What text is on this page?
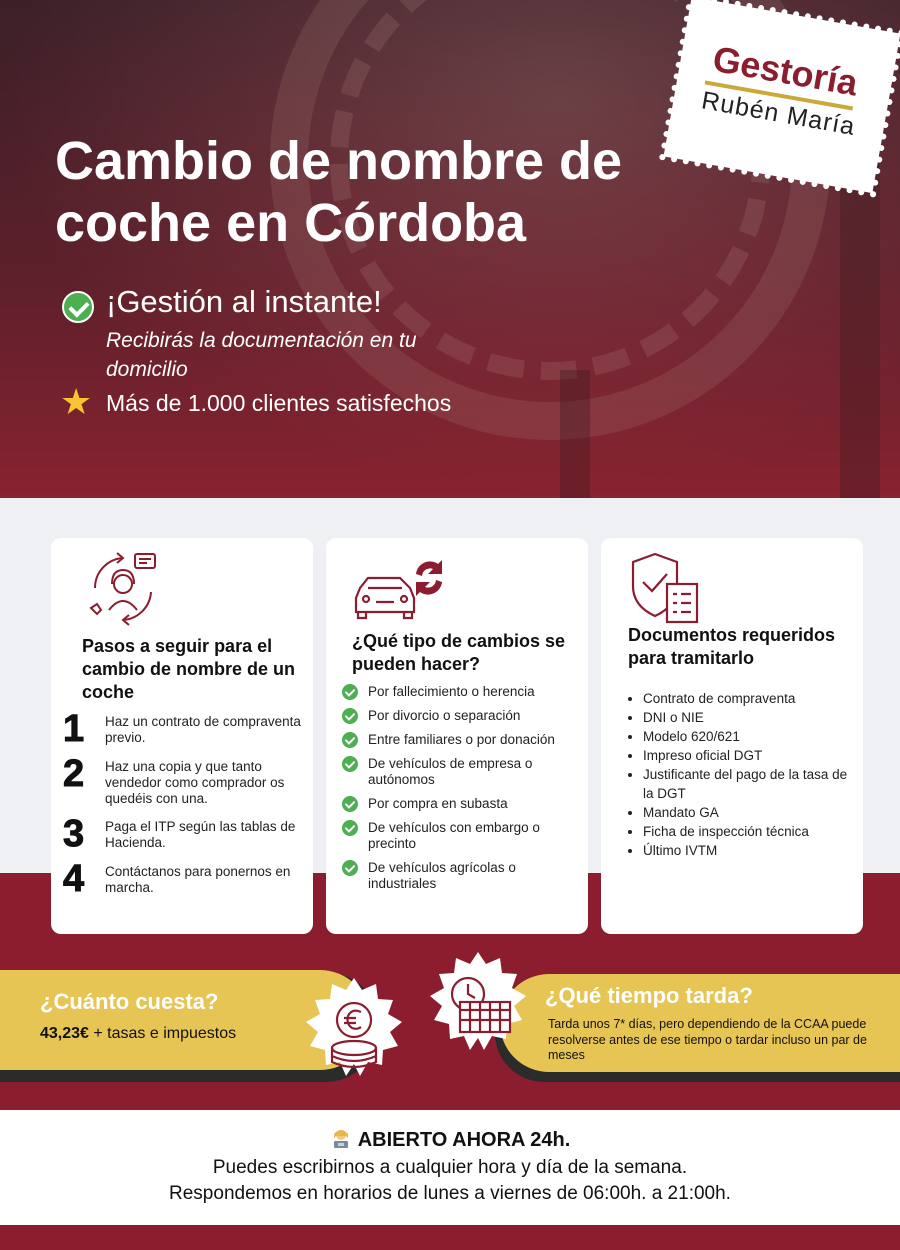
Cambio de nombre de coche en Córdoba
¡Gestión al instante!
Recibirás la documentación en tu domicilio
★ Más de 1.000 clientes satisfechos
Gestoría
Rubén María
Pasos a seguir para el cambio de nombre de un coche
1 Haz un contrato de compraventa previo.
2 Haz una copia y que tanto vendedor como comprador os quedéis con una.
3 Paga el ITP según las tablas de Hacienda.
4 Contáctanos para ponernos en marcha.
¿Qué tipo de cambios se pueden hacer?
Por fallecimiento o herencia
Por divorcio o separación
Entre familiares o por donación
De vehículos de empresa o autónomos
Por compra en subasta
De vehículos con embargo o precinto
De vehículos agrícolas o industriales
Documentos requeridos para tramitarlo
• Contrato de compraventa
• DNI o NIE
• Modelo 620/621
• Impreso oficial DGT
• Justificante del pago de la tasa de la DGT
• Mandato GA
• Ficha de inspección técnica
• Último IVTM
¿Cuánto cuesta?
43,23€ + tasas e impuestos
¿Qué tiempo tarda?
Tarda unos 7* días, pero dependiendo de la CCAA puede resolverse antes de ese tiempo o tardar incluso un par de meses
ABIERTO AHORA 24h.
Puedes escribirnos a cualquier hora y día de la semana.
Respondemos en horarios de lunes a viernes de 06:00h. a 21:00h.
